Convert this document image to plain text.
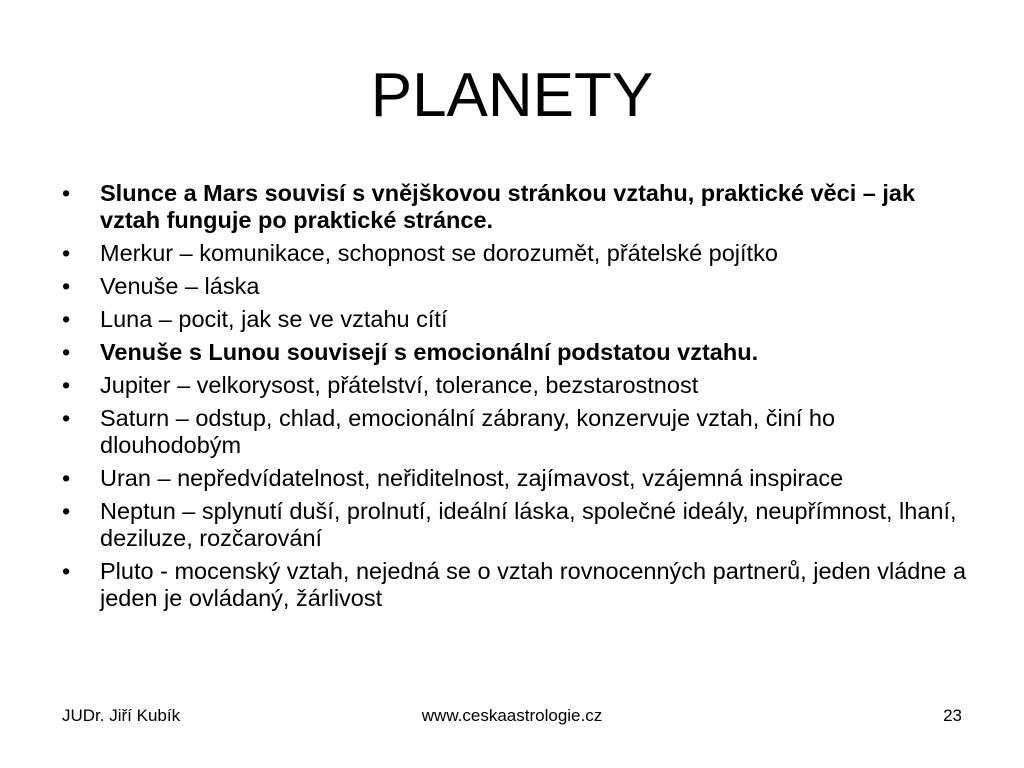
PLANETY
•	Slunce a Mars souvisí s vnějškovou stránkou vztahu, praktické věci – jak vztah funguje po praktické stránce.
•	Merkur – komunikace, schopnost se dorozumět, přátelské pojítko
•	Venuše – láska
•	Luna – pocit, jak se ve vztahu cítí
•	Venuše s Lunou souvisejí s emocionální podstatou vztahu.
•	Jupiter – velkorysost, přátelství, tolerance, bezstarostnost
•	Saturn – odstup, chlad, emocionální zábrany, konzervuje vztah, činí ho dlouhodobým
•	Uran – nepředvídatelnost, neřiditelnost, zajímavost, vzájemná inspirace
•	Neptun – splynutí duší, prolnutí, ideální láska, společné ideály, neupřímnost, lhaní, deziluze, rozčarování
•	Pluto - mocenský vztah, nejedná se o vztah rovnocenných partnerů, jeden vládne a jeden je ovládaný, žárlivost
www.ceskaastrologie.cz
JUDr. Jiří Kubík	23
